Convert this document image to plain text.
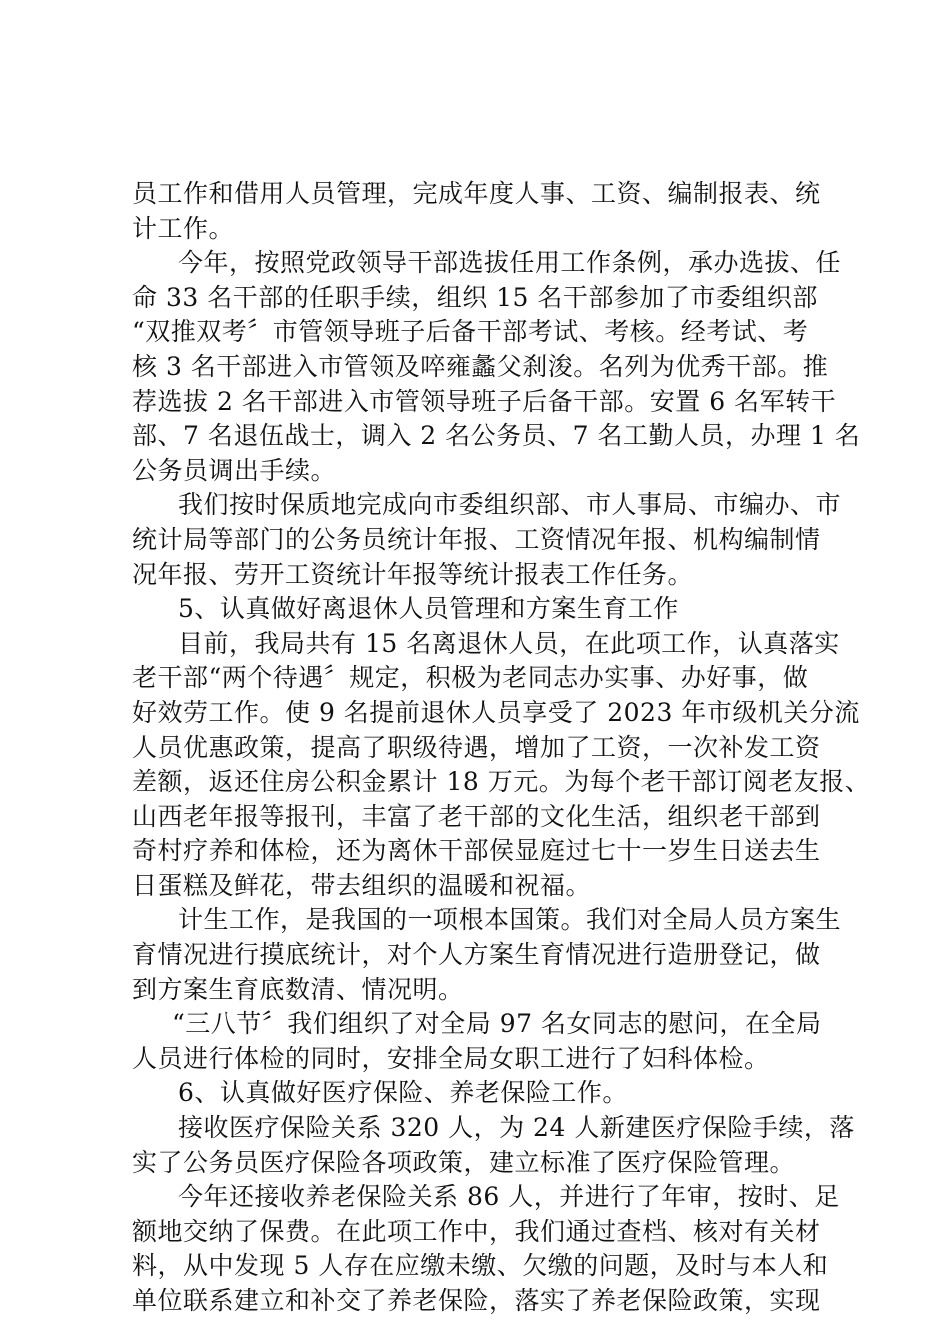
员工作和借用人员管理，完成年度人事、工资、编制报表、统
计工作。
今年，按照党政领导干部选拔任用工作条例，承办选拔、任
命 33 名干部的任职手续，组织 15 名干部参加了市委组织部
“双推双考〞市管领导班子后备干部考试、考核。经考试、考
核 3 名干部进入市管领及啐雍蠡父刹浚。名列为优秀干部。推
荐选拔 2 名干部进入市管领导班子后备干部。安置 6 名军转干
部、7 名退伍战士，调入 2 名公务员、7 名工勤人员，办理 1 名
公务员调出手续。
我们按时保质地完成向市委组织部、市人事局、市编办、市
统计局等部门的公务员统计年报、工资情况年报、机构编制情
况年报、劳开工资统计年报等统计报表工作任务。
5、认真做好离退休人员管理和方案生育工作
目前，我局共有 15 名离退休人员，在此项工作，认真落实
老干部“两个待遇〞规定，积极为老同志办实事、办好事，做
好效劳工作。使 9 名提前退休人员享受了 2023 年市级机关分流
人员优惠政策，提高了职级待遇，增加了工资，一次补发工资
差额，返还住房公积金累计 18 万元。为每个老干部订阅老友报、
山西老年报等报刊，丰富了老干部的文化生活，组织老干部到
奇村疗养和体检，还为离休干部侯显庭过七十一岁生日送去生
日蛋糕及鲜花，带去组织的温暖和祝福。
计生工作，是我国的一项根本国策。我们对全局人员方案生
育情况进行摸底统计，对个人方案生育情况进行造册登记，做
到方案生育底数清、情况明。
“三八节〞我们组织了对全局 97 名女同志的慰问，在全局
人员进行体检的同时，安排全局女职工进行了妇科体检。
6、认真做好医疗保险、养老保险工作。
接收医疗保险关系 320 人，为 24 人新建医疗保险手续，落
实了公务员医疗保险各项政策，建立标准了医疗保险管理。
今年还接收养老保险关系 86 人，并进行了年审，按时、足
额地交纳了保费。在此项工作中，我们通过查档、核对有关材
料，从中发现 5 人存在应缴未缴、欠缴的问题，及时与本人和
单位联系建立和补交了养老保险，落实了养老保险政策，实现
